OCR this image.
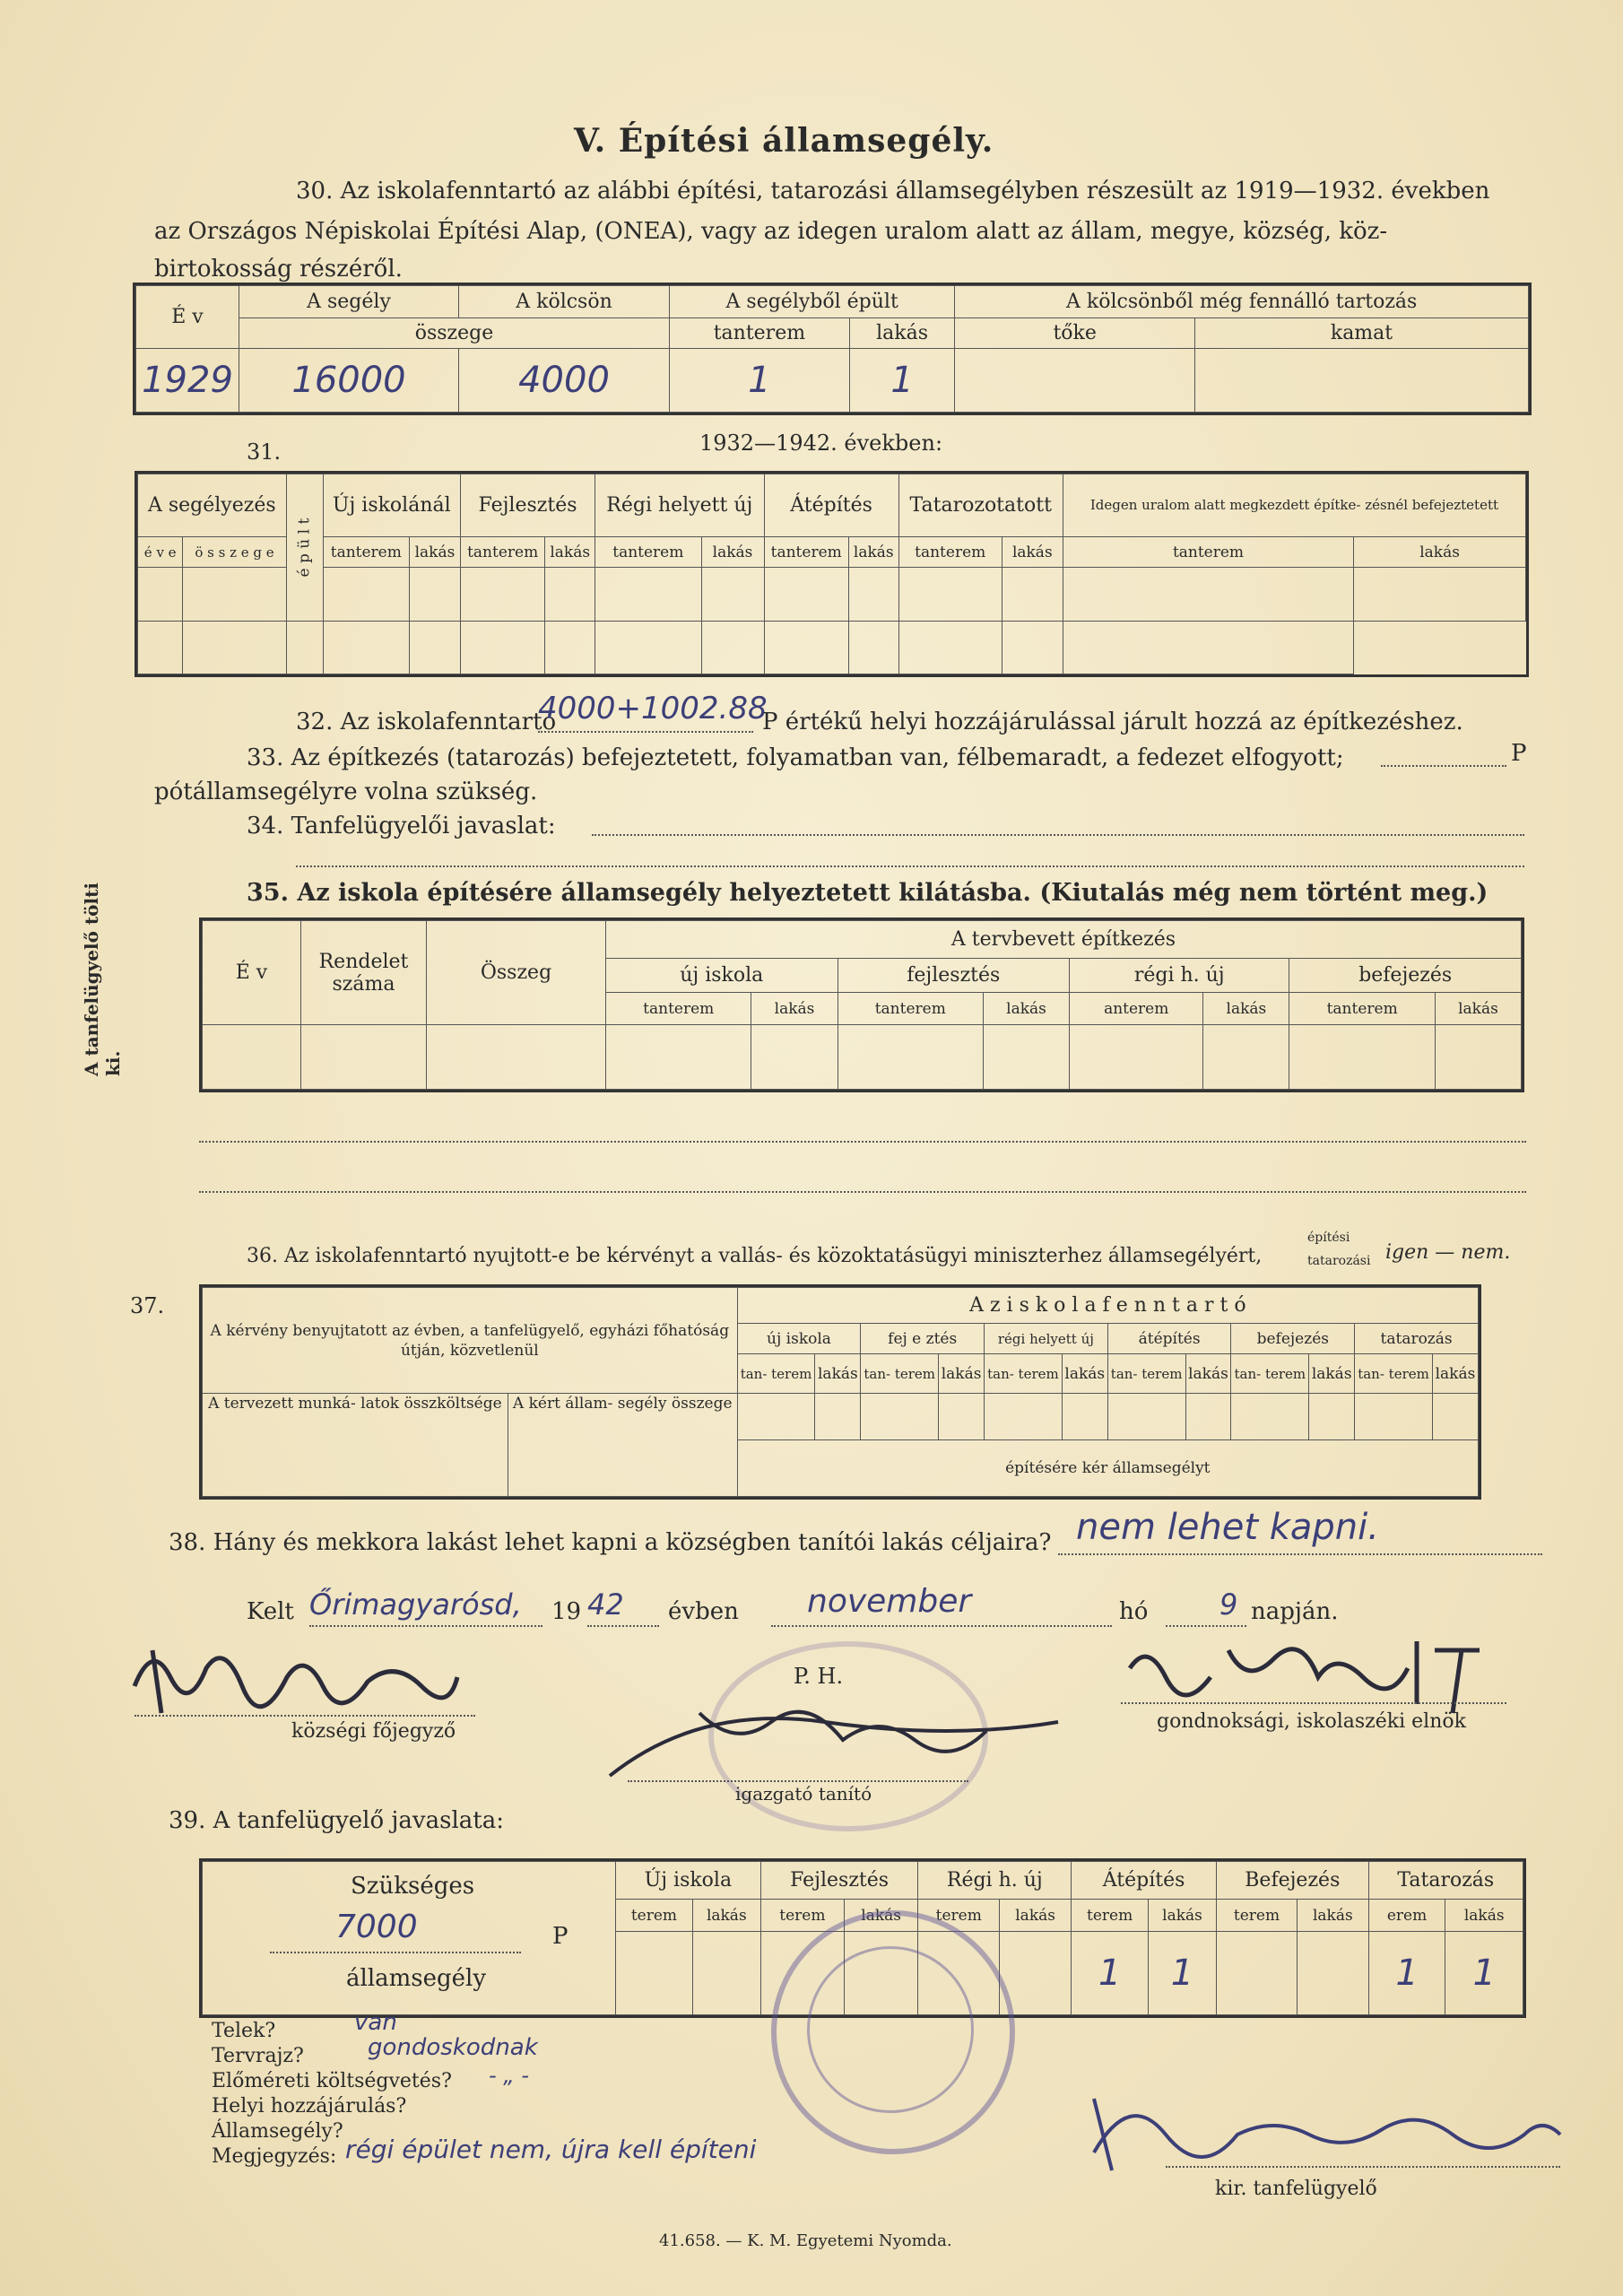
V. Építési államsegély.
30. Az iskolafenntartó az alábbi építési, tatarozási államsegélyben részesült az 1919—1932. években
az Országos Népiskolai Építési Alap, (ONEA), vagy az idegen uralom alatt az állam, megye, község, köz-
birtokosság részéről.
É v	A segély	A kölcsön	A segélyből épült		A kölcsönből még fennálló tartozás	
	összege		tanterem	lakás	tőke	kamat
1929	16000	4000	1	1		
31.	1932—1942. években:
A segélyezés		é p ü l t	Új iskolánál		Fejlesztés		Régi helyett új		Átépítés		Tatarozotatott		Idegen uralom alatt megkezdett építke- zésnél befejeztetett	
é v e	ö s s z e g e		tanterem	lakás	tanterem	lakás	tanterem	lakás	tanterem	lakás	tanterem	lakás	tanterem	lakás

32. Az iskolafenntartó
4000+1002.88
P értékű helyi hozzájárulással járult hozzá az építkezéshez.
33. Az építkezés (tatarozás) befejeztetett, folyamatban van, félbemaradt, a fedezet elfogyott;	P
pótállamsegélyre volna szükség.
34. Tanfelügyelői javaslat:
35. Az iskola építésére államsegély helyeztetett kilátásba. (Kiutalás még nem történt meg.)
A tanfelügyelő tölti ki.
É v	Rendelet száma	Összeg	A tervbevett építkezés							
			új iskola		fejlesztés		régi h. új		befejezés	
			tanterem	lakás	tanterem	lakás	anterem	lakás	tanterem	lakás

36. Az iskolafenntartó nyujtott-e be kérvényt a vallás- és közoktatásügyi miniszterhez államsegélyért,
építési
tatarozási igen — nem.
37.
A kérvény benyujtatott az évben, a tanfelügyelő, egyházi főhatóság útján, közvetlenül		A z i s k o l a f e n n t a r t ó											
		új iskola		fej e ztés		régi helyett új		átépítés		befejezés		tatarozás	
		tan- terem	lakás	tan- terem	lakás	tan- terem	lakás	tan- terem	lakás	tan- terem	lakás	tan- terem	lakás
A tervezett munká- latok összköltsége	A kért állam- segély összege												
		építésére kér államsegélyt											
38. Hány és mekkora lakást lehet kapni a községben tanítói lakás céljaira? nem lehet kapni.
Kelt Őrimagyarósd, 19 42 évben november	hó 9 napján.
P. H.
községi főjegyző	gondnoksági, iskolaszéki elnök
igazgató tanító
39. A tanfelügyelő javaslata:
Szükséges
7000 P
államsegély	Új iskola		Fejlesztés		Régi h. új		Átépítés		Befejezés		Tatarozás	
	terem	lakás	terem	lakás	terem	lakás	terem	lakás	terem	lakás	erem	lakás
							1	1			1	1
Telek?	van
Tervrajz?	gondoskodnak
Előméreti költségvetés? - „ -
Helyi hozzájárulás?
Államsegély?
Megjegyzés: régi épület nem, újra kell építeni
kir. tanfelügyelő
41.658. — K. M. Egyetemi Nyomda.
